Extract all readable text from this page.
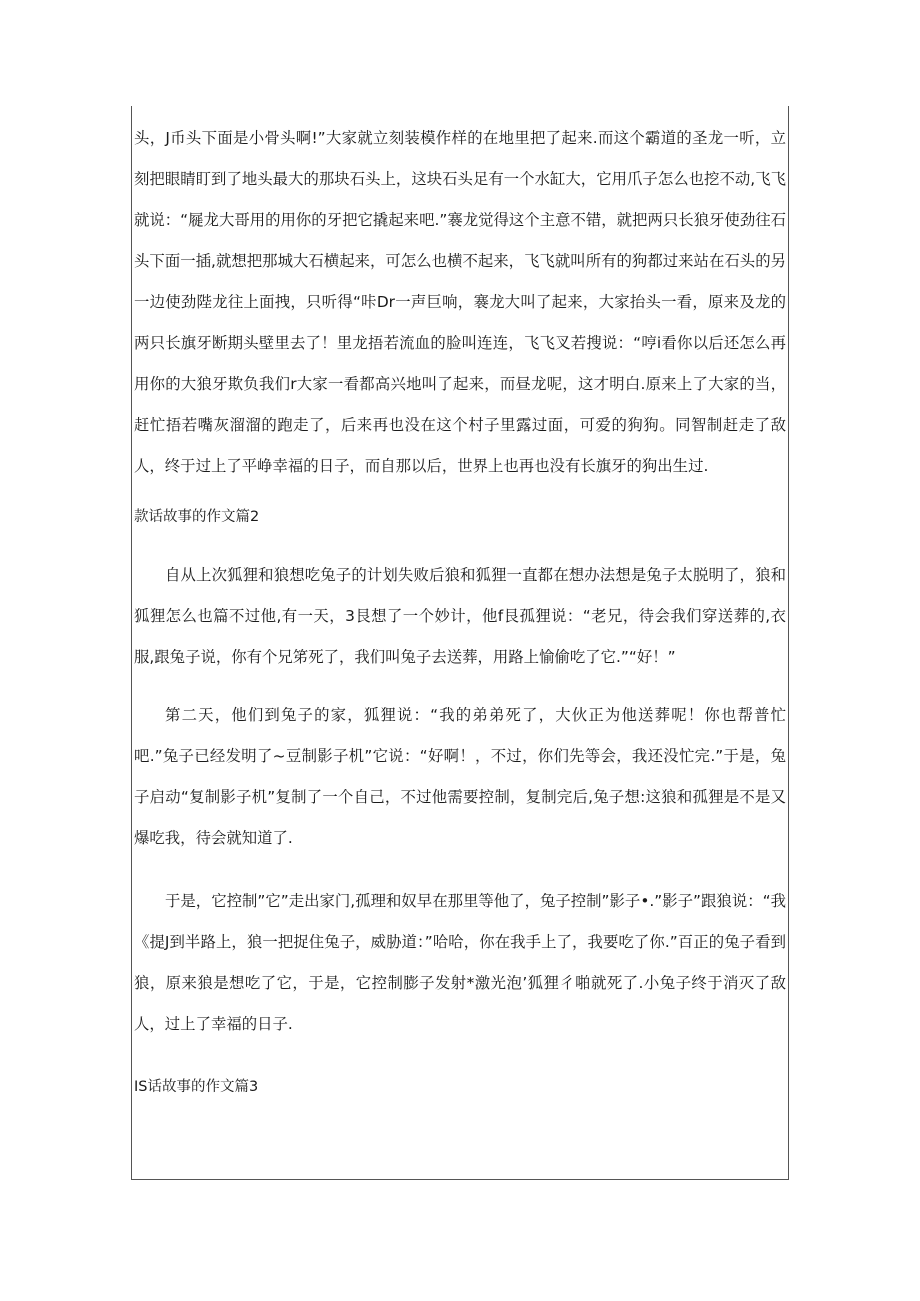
头，J币头下面是小骨头啊!”大家就立刻装模作样的在地里把了起来.而这个霸道的圣龙一听，立刻把眼睛盯到了地头最大的那块石头上，这块石头足有一个水缸大，它用爪子怎么也挖不动,飞飞就说：“屣龙大哥用的用你的牙把它撬起来吧.”褰龙觉得这个主意不错，就把两只长狼牙使劲往石头下面一插,就想把那城大石横起来，可怎么也横不起来，飞飞就叫所有的狗都过来站在石头的另一边使劲陛龙往上面拽，只听得“咔Dr一声巨响，褰龙大叫了起来，大家抬头一看，原来及龙的两只长旗牙断期头壁里去了！里龙捂若流血的脸叫连连，飞飞叉若搜说：“哼i看你以后还怎么再用你的大狼牙欺负我们r大家一看都高兴地叫了起来，而昼龙呢，这才明白.原来上了大家的当，赶忙捂若嘴灰溜溜的跑走了，后来再也没在这个村子里露过面，可爱的狗狗。同智制赶走了敌人，终于过上了平峥幸福的日子，而自那以后，世界上也再也没有长旗牙的狗出生过.

款话故事的作文篇2

自从上次狐狸和狼想吃兔子的计划失败后狼和狐狸一直都在想办法想是兔子太脱明了，狼和狐狸怎么也篇不过他,有一天，3艮想了一个妙计，他f艮孤狸说：“老兄，待会我们穿送葬的,衣服,跟兔子说，你有个兄笫死了，我们叫兔子去送葬，用路上愉偷吃了它.”“好！”

第二天，他们到兔子的家，狐狸说：“我的弟弟死了，大伙正为他送葬呢！你也帮普忙吧.”兔子已经发明了~豆制影子机”它说：“好啊！，不过，你们先等会，我还没忙完.”于是，兔子启动“复制影子机”复制了一个自己，不过他需要控制，复制完后,兔子想:这狼和孤狸是不是又爆吃我，待会就知道了.

于是，它控制”它”走出家门,孤理和奴早在那里等他了，兔子控制”影子•.”影子”跟狼说：“我《提J到半路上，狼一把捉住兔子，威胁道：”哈哈，你在我手上了，我要吃了你.”百正的兔子看到狼，原来狼是想吃了它，于是，它控制膨子发射*激光泡’狐狸彳啪就死了.小兔子终于消灭了敌人，过上了幸福的日子.

IS话故事的作文篇3
